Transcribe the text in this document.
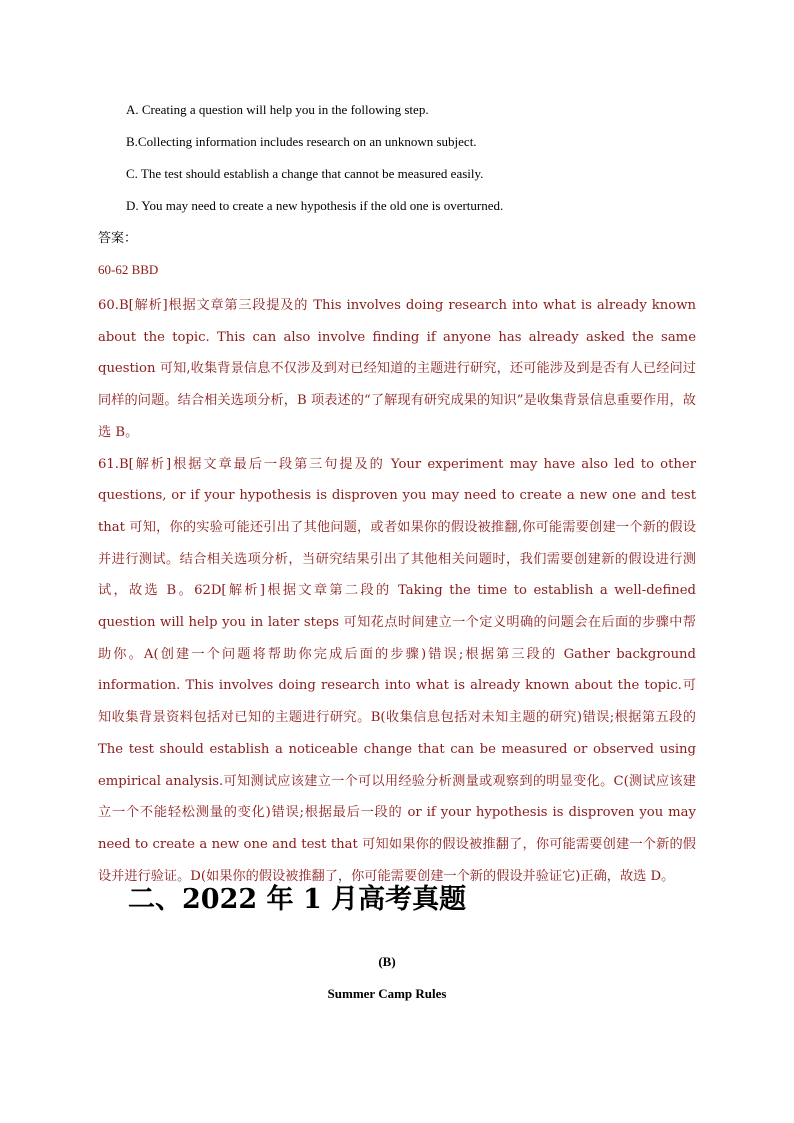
A. Creating a question will help you in the following step.
B.Collecting information includes research on an unknown subject.
C. The test should establish a change that cannot be measured easily.
D. You may need to create a new hypothesis if the old one is overturned.
答案：
60-62 BBD

60.B[解析]根据文章第三段提及的 This involves doing research into what is already known about the topic. This can also involve finding if anyone has already asked the same question 可知,收集背景信息不仅涉及到对已经知道的主题进行研究，还可能涉及到是否有人已经问过同样的问题。结合相关选项分析，B 项表述的“了解现有研究成果的知识”是收集背景信息重要作用，故选 B。

61.B[解析]根据文章最后一段第三句提及的 Your experiment may have also led to other questions, or if your hypothesis is disproven you may need to create a new one and test that 可知，你的实验可能还引出了其他问题，或者如果你的假设被推翻,你可能需要创建一个新的假设并进行测试。结合相关选项分析，当研究结果引出了其他相关问题时，我们需要创建新的假设进行测试，故选 B。62D[解析]根据文章第二段的 Taking the time to establish a well-defined question will help you in later steps 可知花点时间建立一个定义明确的问题会在后面的步骤中帮助你。A(创建一个问题将帮助你完成后面的步骤)错误;根据第三段的 Gather background information. This involves doing research into what is already known about the topic.可知收集背景资料包括对已知的主题进行研究。B(收集信息包括对未知主题的研究)错误;根据第五段的 The test should establish a noticeable change that can be measured or observed using empirical analysis.可知测试应该建立一个可以用经验分析测量或观察到的明显变化。C(测试应该建立一个不能轻松测量的变化)错误;根据最后一段的 or if your hypothesis is disproven you may need to create a new one and test that 可知如果你的假设被推翻了，你可能需要创建一个新的假设并进行验证。D(如果你的假设被推翻了，你可能需要创建一个新的假设并验证它)正确，故选 D。

二、2022 年 1 月高考真题
(B)
Summer Camp Rules
